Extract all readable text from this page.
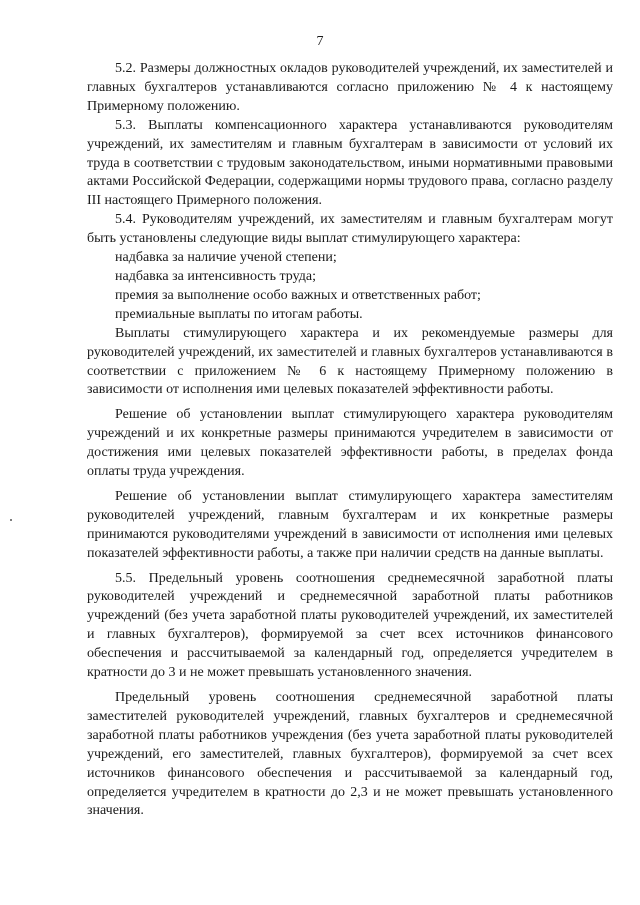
7

5.2. Размеры должностных окладов руководителей учреждений, их заместителей и главных бухгалтеров устанавливаются согласно приложению № 4 к настоящему Примерному положению.

5.3. Выплаты компенсационного характера устанавливаются руководителям учреждений, их заместителям и главным бухгалтерам в зависимости от условий их труда в соответствии с трудовым законодательством, иными нормативными правовыми актами Российской Федерации, содержащими нормы трудового права, согласно разделу III настоящего Примерного положения.

5.4. Руководителям учреждений, их заместителям и главным бухгалтерам могут быть установлены следующие виды выплат стимулирующего характера:

надбавка за наличие ученой степени;

надбавка за интенсивность труда;

премия за выполнение особо важных и ответственных работ;

премиальные выплаты по итогам работы.

Выплаты стимулирующего характера и их рекомендуемые размеры для руководителей учреждений, их заместителей и главных бухгалтеров устанавливаются в соответствии с приложением № 6 к настоящему Примерному положению в зависимости от исполнения ими целевых показателей эффективности работы.

Решение об установлении выплат стимулирующего характера руководителям учреждений и их конкретные размеры принимаются учредителем в зависимости от достижения ими целевых показателей эффективности работы, в пределах фонда оплаты труда учреждения.

Решение об установлении выплат стимулирующего характера заместителям руководителей учреждений, главным бухгалтерам и их конкретные размеры принимаются руководителями учреждений в зависимости от исполнения ими целевых показателей эффективности работы, а также при наличии средств на данные выплаты.

5.5. Предельный уровень соотношения среднемесячной заработной платы руководителей учреждений и среднемесячной заработной платы работников учреждений (без учета заработной платы руководителей учреждений, их заместителей и главных бухгалтеров), формируемой за счет всех источников финансового обеспечения и рассчитываемой за календарный год, определяется учредителем в кратности до 3 и не может превышать установленного значения.

Предельный уровень соотношения среднемесячной заработной платы заместителей руководителей учреждений, главных бухгалтеров и среднемесячной заработной платы работников учреждения (без учета заработной платы руководителей учреждений, его заместителей, главных бухгалтеров), формируемой за счет всех источников финансового обеспечения и рассчитываемой за календарный год, определяется учредителем в кратности до 2,3 и не может превышать установленного значения.
